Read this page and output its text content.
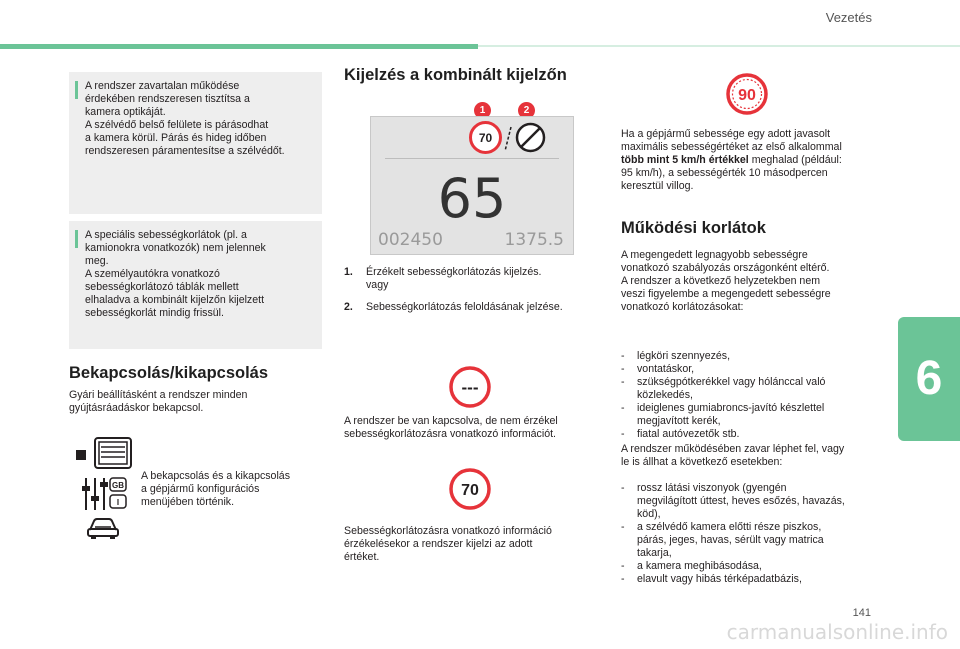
Vezetés

A rendszer zavartalan működése
érdekében rendszeresen tisztítsa a
kamera optikáját.
A szélvédő belső felülete is párásodhat
a kamera körül. Párás és hideg időben
rendszeresen páramentesítse a szélvédőt.

A speciális sebességkorlátok (pl. a
kamionokra vonatkozók) nem jelennek
meg.
A személyautókra vonatkozó
sebességkorlátozó táblák mellett
elhaladva a kombinált kijelzőn kijelzett
sebességkorlát mindig frissül.

Bekapcsolás/kikapcsolás
Gyári beállításként a rendszer minden
gyújtásráadáskor bekapcsol.
GB
I
A bekapcsolás és a kikapcsolás
a gépjármű konfigurációs
menüjében történik.
Kijelzés a kombinált kijelzőn
1	2
70
65
002450	1375.5
1. Érzékelt sebességkorlátozás kijelzés.
vagy
2. Sebességkorlátozás feloldásának jelzése.
---
A rendszer be van kapcsolva, de nem érzékel
sebességkorlátozásra vonatkozó információt.
70
Sebességkorlátozásra vonatkozó információ
érzékelésekor a rendszer kijelzi az adott
értéket.
90
Ha a gépjármű sebessége egy adott javasolt
maximális sebességértéket az első alkalommal
több mint 5 km/h értékkel meghalad (például:
95 km/h), a sebességérték 10 másodpercen
keresztül villog.
Működési korlátok
A megengedett legnagyobb sebességre
vonatkozó szabályozás országonként eltérő.
A rendszer a következő helyzetekben nem
veszi figyelembe a megengedett sebességre
vonatkozó korlátozásokat:
- légköri szennyezés,
- vontatáskor,
- szükségpótkerékkel vagy hólánccal való
közlekedés,
- ideiglenes gumiabroncs-javító készlettel
megjavított kerék,
- fiatal autóvezetők stb.
A rendszer működésében zavar léphet fel, vagy
le is állhat a következő esetekben:
- rossz látási viszonyok (gyengén
megvilágított úttest, heves esőzés, havazás,
köd),
- a szélvédő kamera előtti része piszkos,
párás, jeges, havas, sérült vagy matrica
takarja,
- a kamera meghibásodása,
- elavult vagy hibás térképadatbázis,
6
141
carmanualsonline.info
